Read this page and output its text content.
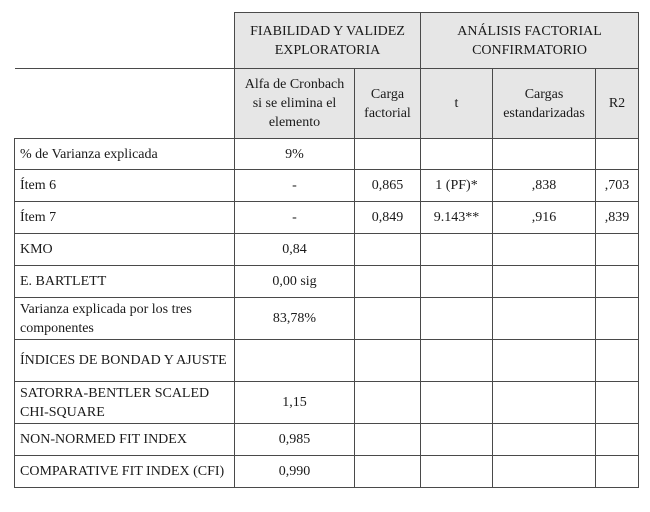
	FIABILIDAD Y VALIDEZ EXPLORATORIA		ANÁLISIS FACTORIAL CONFIRMATORIO		
	Alfa de Cronbach si se elimina el elemento	Carga factorial	t	Cargas estandarizadas	R2
% de Varianza explicada	9%				
Ítem 6	-	0,865	1 (PF)*	,838	,703
Ítem 7	-	0,849	9.143**	,916	,839
KMO	0,84				
E. BARTLETT	0,00 sig				
Varianza explicada por los tres componentes	83,78%				
ÍNDICES DE BONDAD Y AJUSTE					
SATORRA-BENTLER SCALED CHI-SQUARE	1,15				
NON-NORMED FIT INDEX	0,985				
COMPARATIVE FIT INDEX (CFI)	0,990				
